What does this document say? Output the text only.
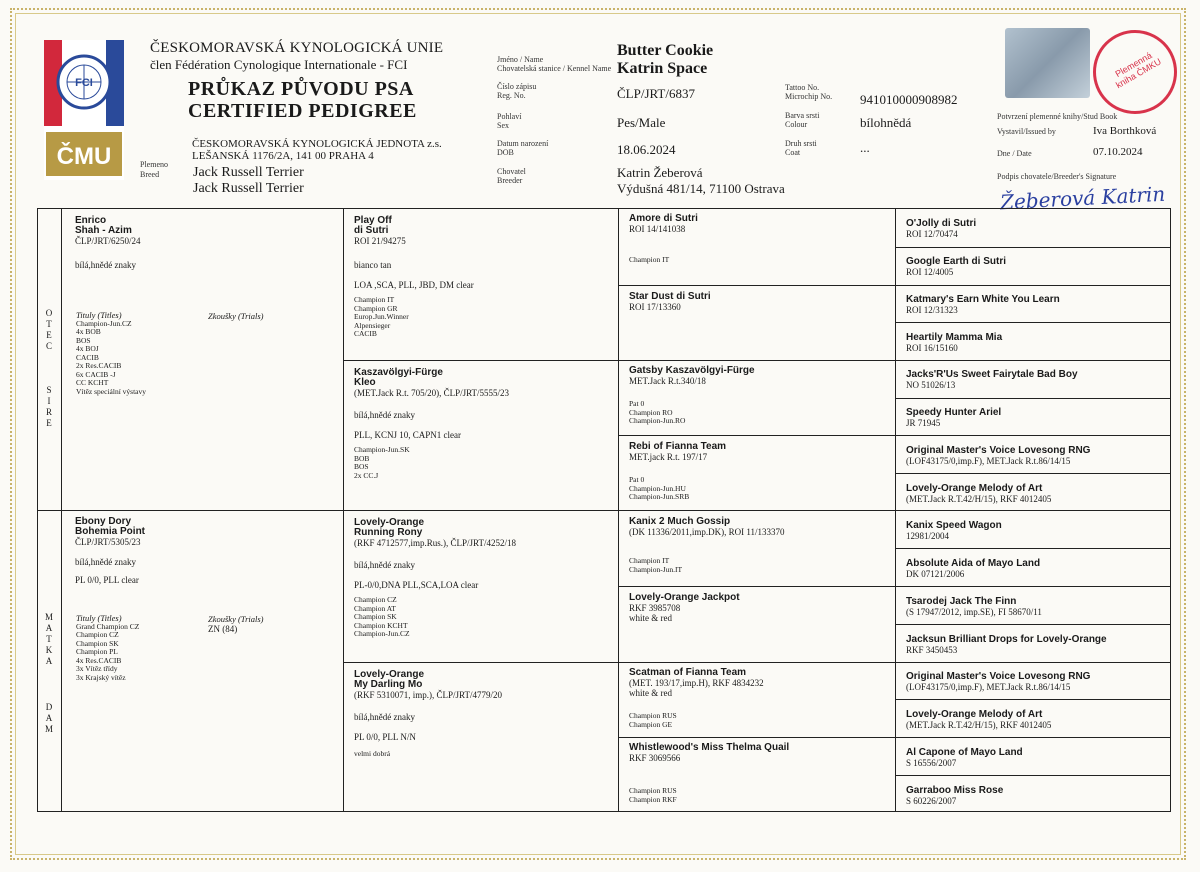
FCI
ČMU
ČESKOMORAVSKÁ KYNOLOGICKÁ UNIE
člen Fédération Cynologique Internationale - FCI
PRŮKAZ PŮVODU PSA
CERTIFIED PEDIGREE
ČESKOMORAVSKÁ KYNOLOGICKÁ JEDNOTA z.s.
LEŠANSKÁ 1176/2A, 141 00 PRAHA 4
Plemeno
Breed	Jack Russell Terrier
Jack Russell Terrier
Jméno / Name
Chovatelská stanice / Kennel Name
Číslo zápisu
Reg. No.
Pohlaví
Sex
Datum narození
DOB
Chovatel
Breeder
Butter Cookie
Katrin Space
ČLP/JRT/6837
Pes/Male
18.06.2024
Katrin Žeberová
Výdušná 481/14, 71100 Ostrava
Tattoo No.
Microchip No.
Barva srsti
Colour
Druh srsti
Coat
941010000908982
bílohnědá
...
Plemenná kniha ČMKU
Potvrzení plemenné knihy/Stud Book
Vystavil/Issued by	Iva Borthková
Dne / Date	07.10.2024
Podpis chovatele/Breeder's Signature
Žeberová Katrin
O
T
E
C
S
I
R
E
M
A
T
K
A
D
A
M
Enrico
Shah - Azim
ČLP/JRT/6250/24
bílá,hnědé znaky
Tituly (Titles)
Champion-Jun.CZ
4x BOB
BOS
4x BOJ
CACIB
2x Res.CACIB
6x CACIB -J
CC KCHT
Vítěz speciální výstavy
Zkoušky (Trials)
Ebony Dory
Bohemia Point
ČLP/JRT/5305/23
bílá,hnědé znaky
PL 0/0, PLL clear
Tituly (Titles)
Grand Champion CZ
Champion CZ
Champion SK
Champion PL
4x Res.CACIB
3x Vítěz třídy
3x Krajský vítěz
Zkoušky (Trials)
ZN (84)
Play Off
di Sutri
ROI 21/94275
bianco tan
LOA ,SCA, PLL, JBD, DM clear
Champion IT
Champion GR
Europ.Jun.Winner
Alpensieger
CACIB
Kaszavölgyi-Fürge
Kleo
(MET.Jack R.t. 705/20), ČLP/JRT/5555/23
bílá,hnědé znaky
PLL, KCNJ 10, CAPN1 clear
Champion-Jun.SK
BOB
BOS
2x CC.J
Lovely-Orange
Running Rony
(RKF 4712577,imp.Rus.), ČLP/JRT/4252/18
bílá,hnědé znaky
PL-0/0,DNA PLL,SCA,LOA clear
Champion CZ
Champion AT
Champion SK
Champion KCHT
Champion-Jun.CZ
Lovely-Orange
My Darling Mo
(RKF 5310071, imp.), ČLP/JRT/4779/20
bílá,hnědé znaky
PL 0/0, PLL N/N
velmi dobrá
Amore di Sutri
ROI 14/141038
Champion IT
Star Dust di Sutri
ROI 17/13360
Gatsby Kaszavölgyi-Fürge
MET.Jack R.t.340/18
Pat 0
Champion RO
Champion-Jun.RO
Rebi of Fianna Team
MET.jack R.t. 197/17
Pat 0
Champion-Jun.HU
Champion-Jun.SRB
Kanix 2 Much Gossip
(DK 11336/2011,imp.DK), ROI 11/133370
Champion IT
Champion-Jun.IT
Lovely-Orange Jackpot
RKF 3985708
white & red
Scatman of Fianna Team
(MET. 193/17,imp.H), RKF 4834232
white & red
Champion RUS
Champion GE
Whistlewood's Miss Thelma Quail
RKF 3069566
Champion RUS
Champion RKF
O'Jolly di Sutri
ROI 12/70474
Google Earth di Sutri
ROI 12/4005
Katmary's Earn White You Learn
ROI 12/31323
Heartily Mamma Mia
ROI 16/15160
Jacks'R'Us Sweet Fairytale Bad Boy
NO 51026/13
Speedy Hunter Ariel
JR 71945
Original Master's Voice Lovesong RNG
(LOF43175/0,imp.F), MET.Jack R.t.86/14/15
Lovely-Orange Melody of Art
(MET.Jack R.T.42/H/15), RKF 4012405
Kanix Speed Wagon
12981/2004
Absolute Aida of Mayo Land
DK 07121/2006
Tsarodej Jack The Finn
(S 17947/2012, imp.SE), FI 58670/11
Jacksun Brilliant Drops for Lovely-Orange
RKF 3450453
Original Master's Voice Lovesong RNG
(LOF43175/0,imp.F), MET.Jack R.t.86/14/15
Lovely-Orange Melody of Art
(MET.Jack R.T.42/H/15), RKF 4012405
Al Capone of Mayo Land
S 16556/2007
Garraboo Miss Rose
S 60226/2007
